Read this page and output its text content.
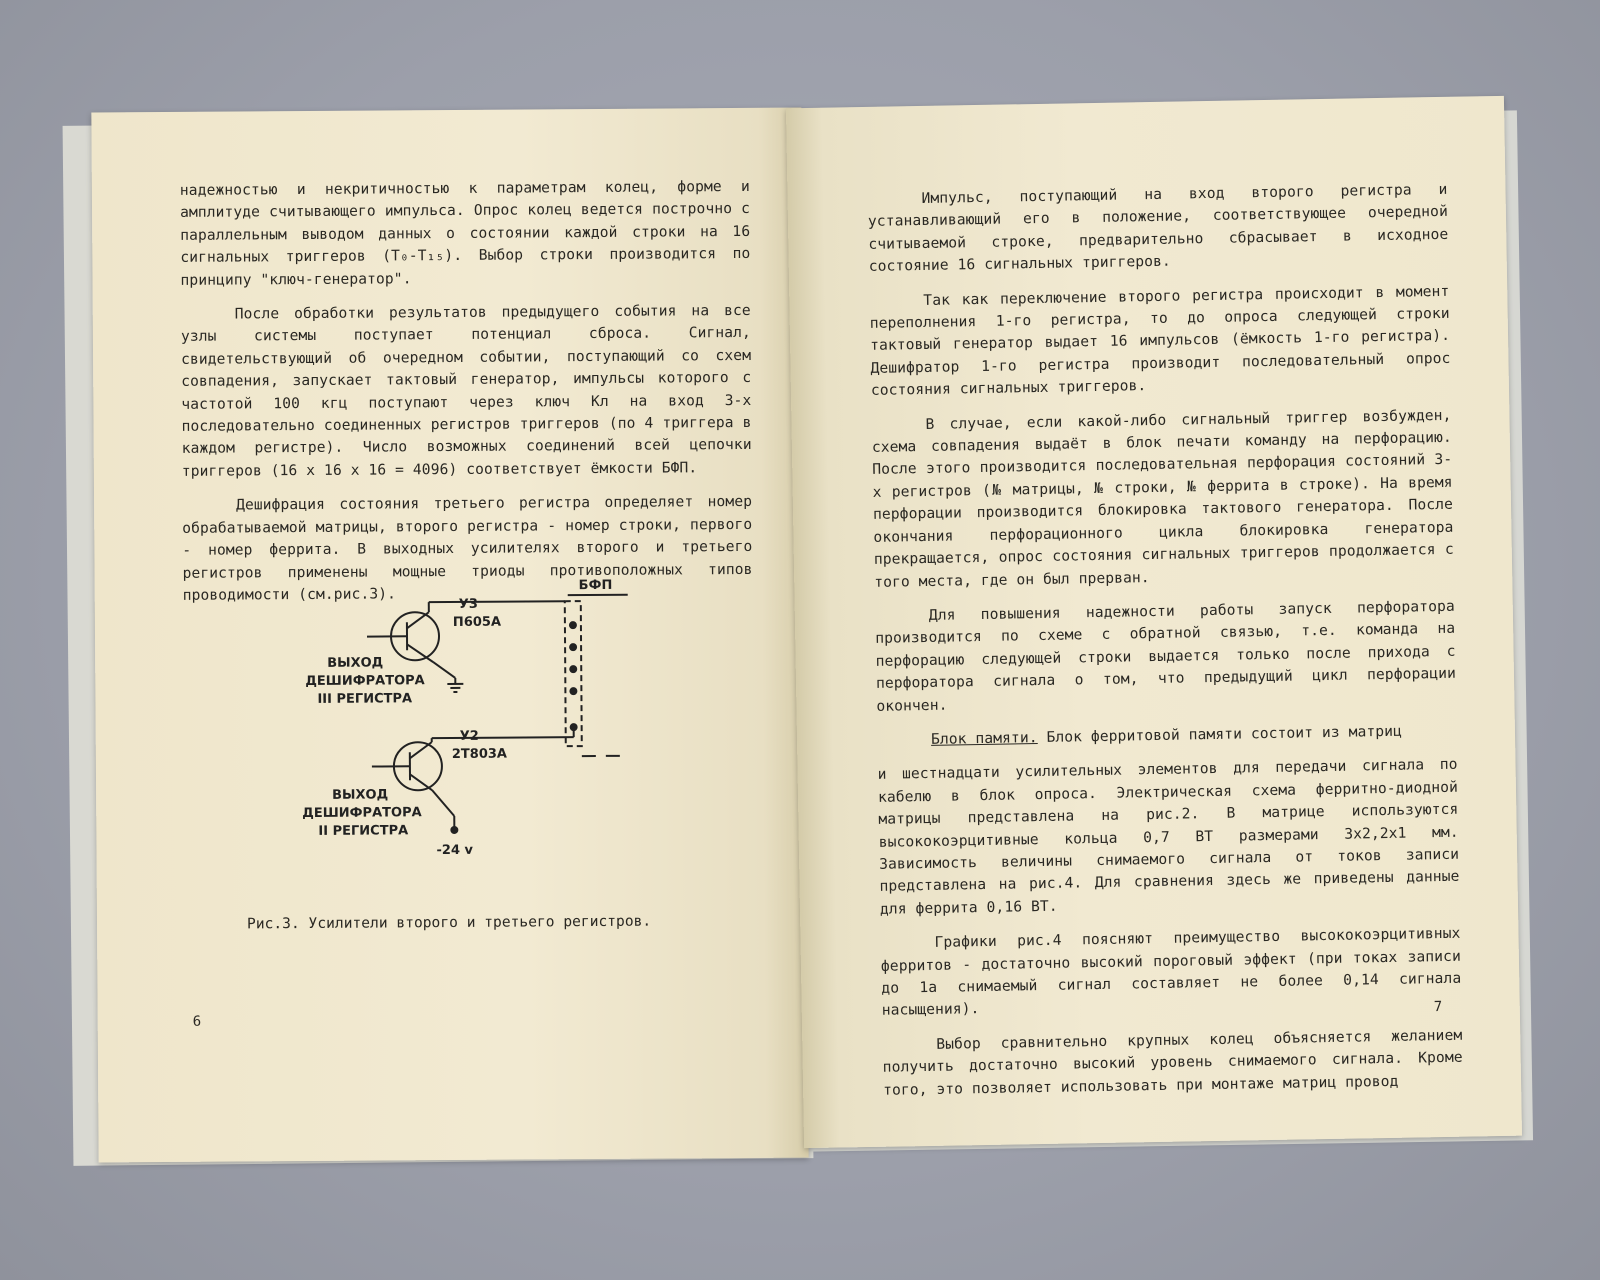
надежностью и некритичностью к параметрам колец, форме и амплитуде считывающего импульса. Опрос колец ведется построчно с параллельным выводом данных о состоянии каждой строки на 16 сигнальных триггеров (Т₀-Т₁₅). Выбор строки производится по принципу "ключ-генератор".

После обработки результатов предыдущего события на все узлы системы поступает потенциал сброса. Сигнал, свидетельствующий об очередном событии, поступающий со схем совпадения, запускает тактовый генератор, импульсы которого с частотой 100 кгц поступают через ключ Кл на вход 3-х последовательно соединенных регистров триггеров (по 4 триггера в каждом регистре). Число возможных соединений всей цепочки триггеров (16 х 16 х 16 = 4096) соответствует ёмкости БФП.

Дешифрация состояния третьего регистра определяет номер обрабатываемой матрицы, второго регистра - номер строки, первого - номер феррита. В выходных усилителях второго и третьего регистров применены мощные триоды противоположных типов проводимости (см.рис.3).	БФП
У3
П605А
ВЫХОД
ДЕШИФРАТОРА
III РЕГИСТРА
У2
2Т803А
ВЫХОД
ДЕШИФРАТОРА
II РЕГИСТРА
-24 v
Рис.3. Усилители второго и третьего регистров.
6

Импульс, поступающий на вход второго регистра и устанавливающий его в положение, соответствующее очередной считываемой строке, предварительно сбрасывает в исходное состояние 16 сигнальных триггеров.

Так как переключение второго регистра происходит в момент переполнения 1-го регистра, то до опроса следующей строки тактовый генератор выдает 16 импульсов (ёмкость 1-го регистра). Дешифратор 1-го регистра производит последовательный опрос состояния сигнальных триггеров.

В случае, если какой-либо сигнальный триггер возбужден, схема совпадения выдаёт в блок печати команду на перфорацию. После этого производится последовательная перфорация состояний 3-х регистров (№ матрицы, № строки, № феррита в строке). На время перфорации производится блокировка тактового генератора. После окончания перфорационного цикла блокировка генератора прекращается, опрос состояния сигнальных триггеров продолжается с того места, где он был прерван.

Для повышения надежности работы запуск перфоратора производится по схеме с обратной связью, т.е. команда на перфорацию следующей строки выдается только после прихода с перфоратора сигнала о том, что предыдущий цикл перфорации окончен.

Блок памяти. Блок ферритовой памяти состоит из матриц

и шестнадцати усилительных элементов для передачи сигнала по кабелю в блок опроса. Электрическая схема ферритно-диодной матрицы представлена на рис.2. В матрице используются высококоэрцитивные кольца 0,7 ВТ размерами 3х2,2х1 мм. Зависимость величины снимаемого сигнала от токов записи представлена на рис.4. Для сравнения здесь же приведены данные для феррита 0,16 ВТ.

Графики рис.4 поясняют преимущество высококоэрцитивных ферритов - достаточно высокий пороговый эффект (при токах записи до 1а снимаемый сигнал составляет не более 0,14 сигнала насыщения).

Выбор сравнительно крупных колец объясняется желанием получить достаточно высокий уровень снимаемого сигнала. Кроме того, это позволяет использовать при монтаже матриц провод

7
